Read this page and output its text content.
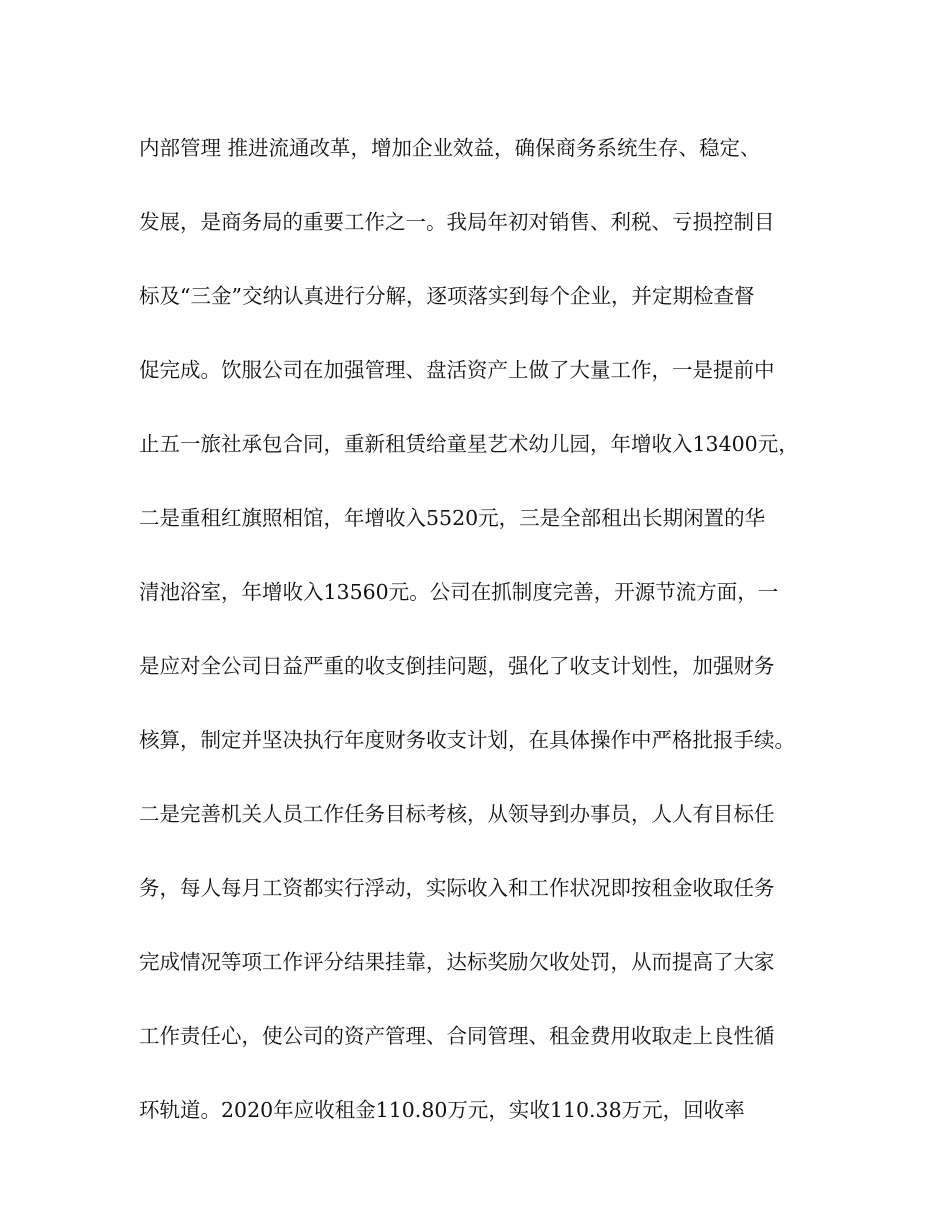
内部管理 推进流通改革，增加企业效益，确保商务系统生存、稳定、
发展，是商务局的重要工作之一。我局年初对销售、利税、亏损控制目
标及“三金”交纳认真进行分解，逐项落实到每个企业，并定期检查督
促完成。饮服公司在加强管理、盘活资产上做了大量工作，一是提前中
止五一旅社承包合同，重新租赁给童星艺术幼儿园，年增收入13400元，
二是重租红旗照相馆，年增收入5520元，三是全部租出长期闲置的华
清池浴室，年增收入13560元。公司在抓制度完善，开源节流方面，一
是应对全公司日益严重的收支倒挂问题，强化了收支计划性，加强财务
核算，制定并坚决执行年度财务收支计划，在具体操作中严格批报手续。
二是完善机关人员工作任务目标考核，从领导到办事员，人人有目标任
务，每人每月工资都实行浮动，实际收入和工作状况即按租金收取任务
完成情况等项工作评分结果挂靠，达标奖励欠收处罚，从而提高了大家
工作责任心，使公司的资产管理、合同管理、租金费用收取走上良性循
环轨道。2020年应收租金110.80万元，实收110.38万元，回收率
